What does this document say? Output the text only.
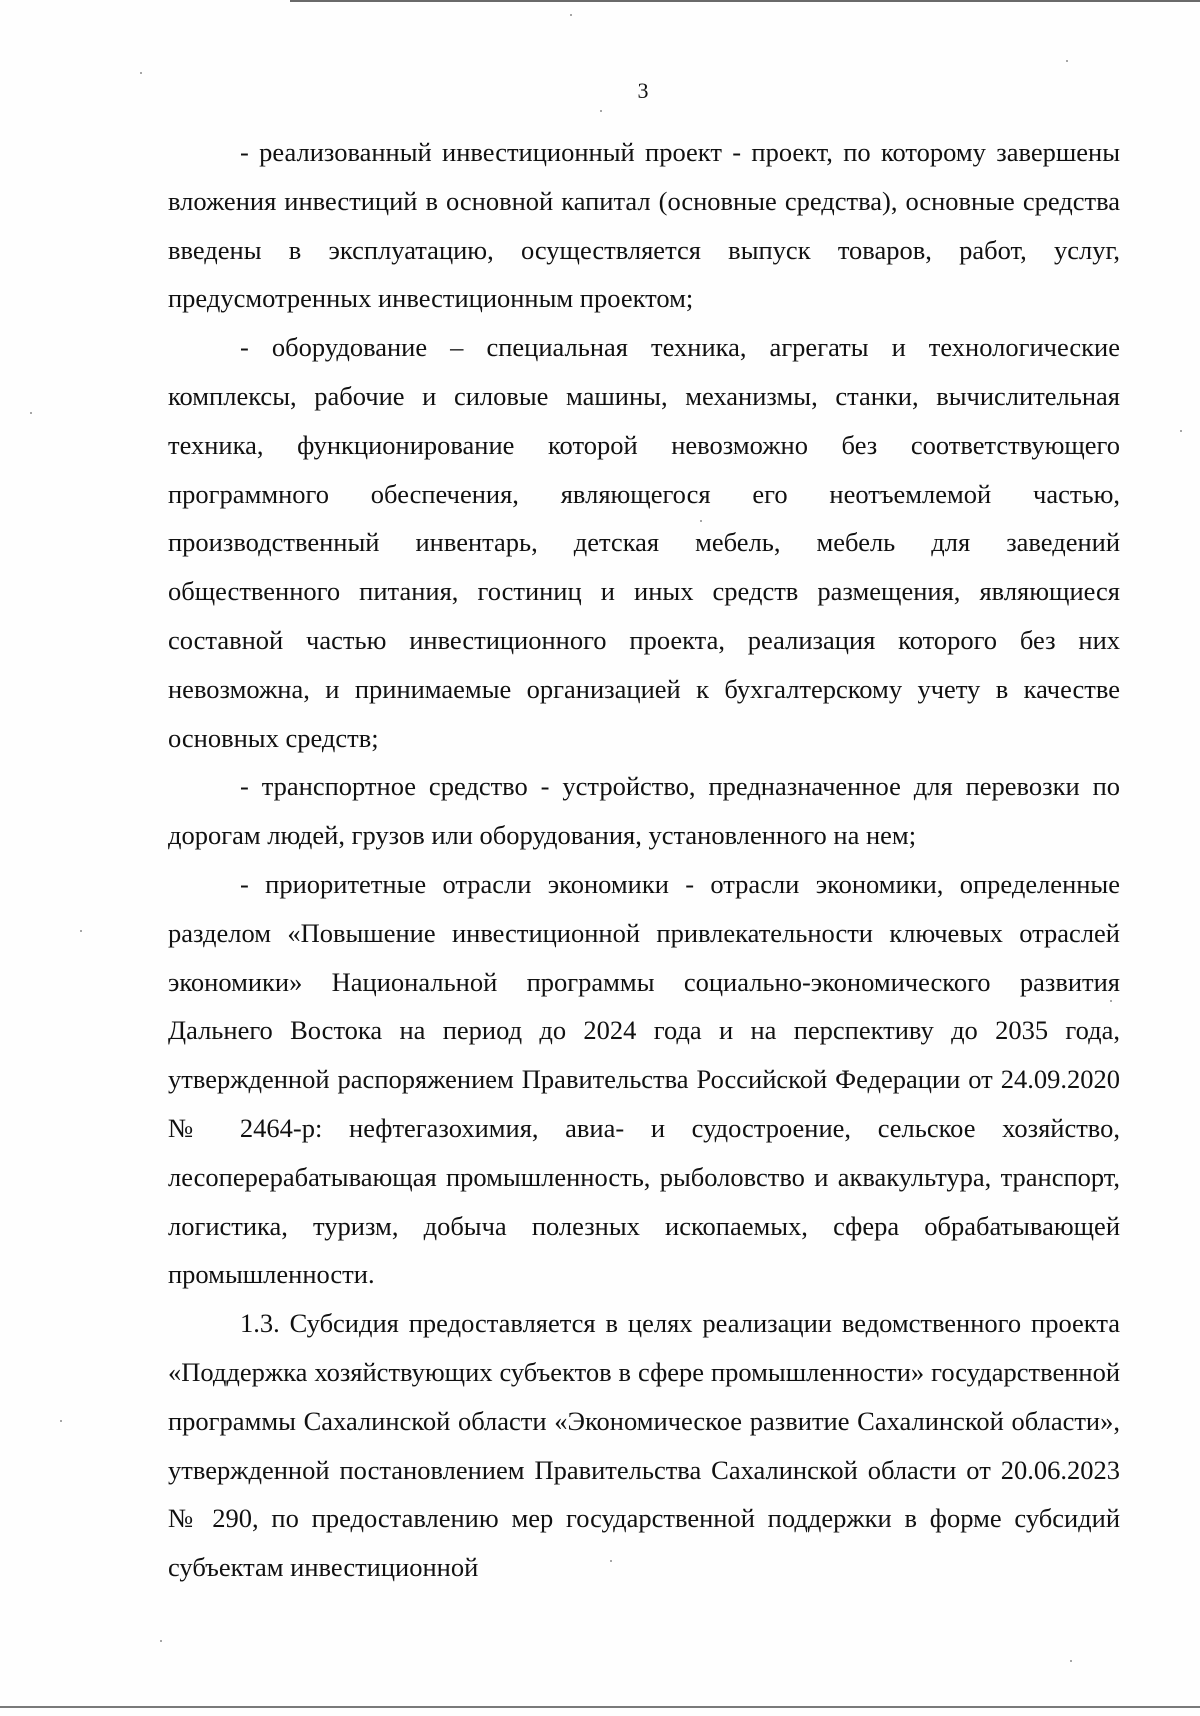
3

- реализованный инвестиционный проект - проект, по которому завершены вложения инвестиций в основной капитал (основные средства), основные средства введены в эксплуатацию, осуществляется выпуск товаров, работ, услуг, предусмотренных инвестиционным проектом;

- оборудование – специальная техника, агрегаты и технологические комплексы, рабочие и силовые машины, механизмы, станки, вычислительная техника, функционирование которой невозможно без соответствующего программного обеспечения, являющегося его неотъемлемой частью, производственный инвентарь, детская мебель, мебель для заведений общественного питания, гостиниц и иных средств размещения, являющиеся составной частью инвестиционного проекта, реализация которого без них невозможна, и принимаемые организацией к бухгалтерскому учету в качестве основных средств;

- транспортное средство - устройство, предназначенное для перевозки по дорогам людей, грузов или оборудования, установленного на нем;

- приоритетные отрасли экономики - отрасли экономики, определенные разделом «Повышение инвестиционной привлекательности ключевых отраслей экономики» Национальной программы социально-экономического развития Дальнего Востока на период до 2024 года и на перспективу до 2035 года, утвержденной распоряжением Правительства Российской Федерации от 24.09.2020 № 2464-р: нефтегазохимия, авиа- и судостроение, сельское хозяйство, лесоперерабатывающая промышленность, рыболовство и аквакультура, транспорт, логистика, туризм, добыча полезных ископаемых, сфера обрабатывающей промышленности.

1.3. Субсидия предоставляется в целях реализации ведомственного проекта «Поддержка хозяйствующих субъектов в сфере промышленности» государственной программы Сахалинской области «Экономическое развитие Сахалинской области», утвержденной постановлением Правительства Сахалинской области от 20.06.2023 № 290, по предоставлению мер государственной поддержки в форме субсидий субъектам инвестиционной
